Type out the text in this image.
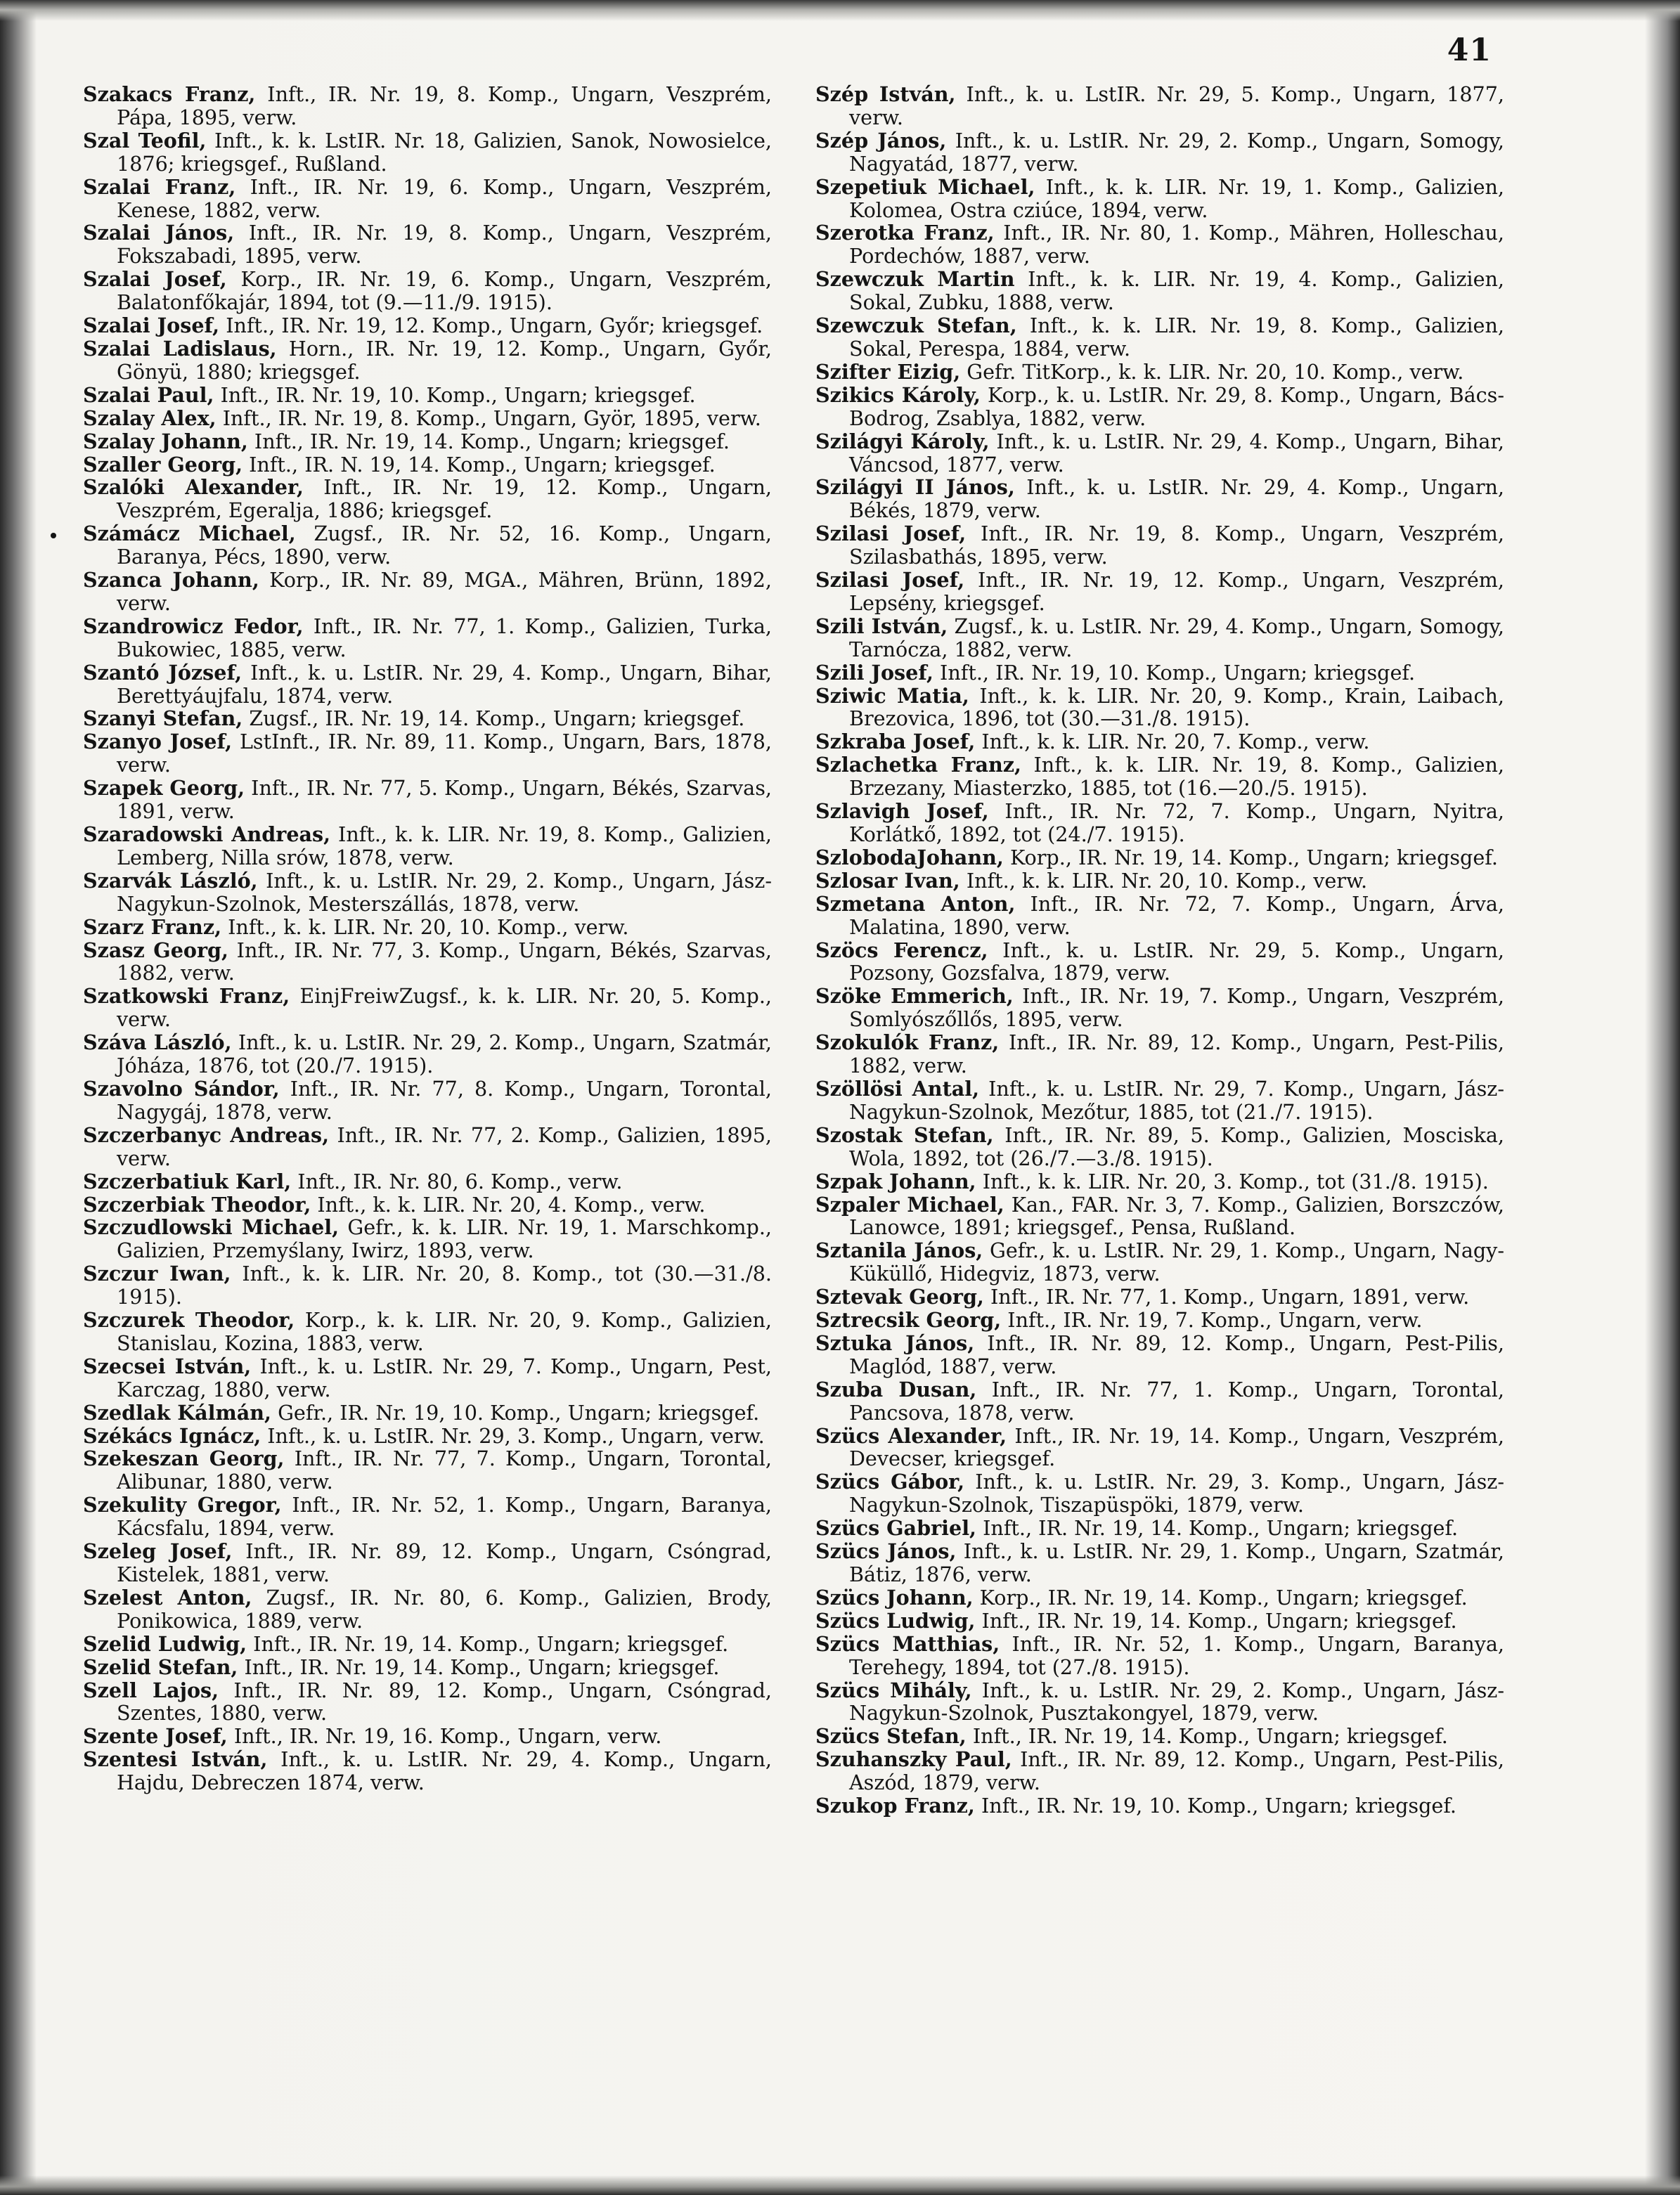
41

Szakacs Franz, Inft., IR. Nr. 19, 8. Komp., Ungarn, Veszprém, Pápa, 1895, verw.

Szal Teofil, Inft., k. k. LstIR. Nr. 18, Galizien, Sanok, Nowosielce, 1876; kriegsgef., Rußland.

Szalai Franz, Inft., IR. Nr. 19, 6. Komp., Ungarn, Veszprém, Kenese, 1882, verw.

Szalai János, Inft., IR. Nr. 19, 8. Komp., Ungarn, Veszprém, Fokszabadi, 1895, verw.

Szalai Josef, Korp., IR. Nr. 19, 6. Komp., Ungarn, Veszprém, Balatonfőkajár, 1894, tot (9.—11./9. 1915).

Szalai Josef, Inft., IR. Nr. 19, 12. Komp., Ungarn, Győr; kriegsgef.

Szalai Ladislaus, Horn., IR. Nr. 19, 12. Komp., Ungarn, Győr, Gönyü, 1880; kriegsgef.

Szalai Paul, Inft., IR. Nr. 19, 10. Komp., Ungarn; kriegsgef.

Szalay Alex, Inft., IR. Nr. 19, 8. Komp., Ungarn, Györ, 1895, verw.

Szalay Johann, Inft., IR. Nr. 19, 14. Komp., Ungarn; kriegsgef.

Szaller Georg, Inft., IR. N. 19, 14. Komp., Ungarn; kriegsgef.

Szalóki Alexander, Inft., IR. Nr. 19, 12. Komp., Ungarn, Veszprém, Egeralja, 1886; kriegsgef.

Számácz Michael, Zugsf., IR. Nr. 52, 16. Komp., Ungarn, Baranya, Pécs, 1890, verw.

Szanca Johann, Korp., IR. Nr. 89, MGA., Mähren, Brünn, 1892, verw.

Szandrowicz Fedor, Inft., IR. Nr. 77, 1. Komp., Galizien, Turka, Bukowiec, 1885, verw.

Szantó József, Inft., k. u. LstIR. Nr. 29, 4. Komp., Ungarn, Bihar, Berettyáujfalu, 1874, verw.

Szanyi Stefan, Zugsf., IR. Nr. 19, 14. Komp., Ungarn; kriegsgef.

Szanyo Josef, LstInft., IR. Nr. 89, 11. Komp., Ungarn, Bars, 1878, verw.

Szapek Georg, Inft., IR. Nr. 77, 5. Komp., Ungarn, Békés, Szarvas, 1891, verw.

Szaradowski Andreas, Inft., k. k. LIR. Nr. 19, 8. Komp., Galizien, Lemberg, Nilla srów, 1878, verw.

Szarvák László, Inft., k. u. LstIR. Nr. 29, 2. Komp., Ungarn, Jász-Nagykun-Szolnok, Mesterszállás, 1878, verw.

Szarz Franz, Inft., k. k. LIR. Nr. 20, 10. Komp., verw.

Szasz Georg, Inft., IR. Nr. 77, 3. Komp., Ungarn, Békés, Szarvas, 1882, verw.

Szatkowski Franz, EinjFreiwZugsf., k. k. LIR. Nr. 20, 5. Komp., verw.

Száva László, Inft., k. u. LstIR. Nr. 29, 2. Komp., Ungarn, Szatmár, Jóháza, 1876, tot (20./7. 1915).

Szavolno Sándor, Inft., IR. Nr. 77, 8. Komp., Ungarn, Torontal, Nagygáj, 1878, verw.

Szczerbanyc Andreas, Inft., IR. Nr. 77, 2. Komp., Galizien, 1895, verw.

Szczerbatiuk Karl, Inft., IR. Nr. 80, 6. Komp., verw.

Szczerbiak Theodor, Inft., k. k. LIR. Nr. 20, 4. Komp., verw.

Szczudlowski Michael, Gefr., k. k. LIR. Nr. 19, 1. Marschkomp., Galizien, Przemyślany, Iwirz, 1893, verw.

Szczur Iwan, Inft., k. k. LIR. Nr. 20, 8. Komp., tot (30.—31./8. 1915).

Szczurek Theodor, Korp., k. k. LIR. Nr. 20, 9. Komp., Galizien, Stanislau, Kozina, 1883, verw.

Szecsei István, Inft., k. u. LstIR. Nr. 29, 7. Komp., Ungarn, Pest, Karczag, 1880, verw.

Szedlak Kálmán, Gefr., IR. Nr. 19, 10. Komp., Ungarn; kriegsgef.

Székács Ignácz, Inft., k. u. LstIR. Nr. 29, 3. Komp., Ungarn, verw.

Szekeszan Georg, Inft., IR. Nr. 77, 7. Komp., Ungarn, Torontal, Alibunar, 1880, verw.

Szekulity Gregor, Inft., IR. Nr. 52, 1. Komp., Ungarn, Baranya, Kácsfalu, 1894, verw.

Szeleg Josef, Inft., IR. Nr. 89, 12. Komp., Ungarn, Csóngrad, Kistelek, 1881, verw.

Szelest Anton, Zugsf., IR. Nr. 80, 6. Komp., Galizien, Brody, Ponikowica, 1889, verw.

Szelid Ludwig, Inft., IR. Nr. 19, 14. Komp., Ungarn; kriegsgef.

Szelid Stefan, Inft., IR. Nr. 19, 14. Komp., Ungarn; kriegsgef.

Szell Lajos, Inft., IR. Nr. 89, 12. Komp., Ungarn, Csóngrad, Szentes, 1880, verw.

Szente Josef, Inft., IR. Nr. 19, 16. Komp., Ungarn, verw.

Szentesi István, Inft., k. u. LstIR. Nr. 29, 4. Komp., Ungarn, Hajdu, Debreczen 1874, verw.

Szép István, Inft., k. u. LstIR. Nr. 29, 5. Komp., Ungarn, 1877, verw.

Szép János, Inft., k. u. LstIR. Nr. 29, 2. Komp., Ungarn, Somogy, Nagyatád, 1877, verw.

Szepetiuk Michael, Inft., k. k. LIR. Nr. 19, 1. Komp., Galizien, Kolomea, Ostra cziúce, 1894, verw.

Szerotka Franz, Inft., IR. Nr. 80, 1. Komp., Mähren, Holleschau, Pordechów, 1887, verw.

Szewczuk Martin Inft., k. k. LIR. Nr. 19, 4. Komp., Galizien, Sokal, Zubku, 1888, verw.

Szewczuk Stefan, Inft., k. k. LIR. Nr. 19, 8. Komp., Galizien, Sokal, Perespa, 1884, verw.

Szifter Eizig, Gefr. TitKorp., k. k. LIR. Nr. 20, 10. Komp., verw.

Szikics Károly, Korp., k. u. LstIR. Nr. 29, 8. Komp., Ungarn, Bács-Bodrog, Zsablya, 1882, verw.

Szilágyi Károly, Inft., k. u. LstIR. Nr. 29, 4. Komp., Ungarn, Bihar, Váncsod, 1877, verw.

Szilágyi II János, Inft., k. u. LstIR. Nr. 29, 4. Komp., Ungarn, Békés, 1879, verw.

Szilasi Josef, Inft., IR. Nr. 19, 8. Komp., Ungarn, Veszprém, Szilasbathás, 1895, verw.

Szilasi Josef, Inft., IR. Nr. 19, 12. Komp., Ungarn, Veszprém, Lepsény, kriegsgef.

Szili István, Zugsf., k. u. LstIR. Nr. 29, 4. Komp., Ungarn, Somogy, Tarnócza, 1882, verw.

Szili Josef, Inft., IR. Nr. 19, 10. Komp., Ungarn; kriegsgef.

Sziwic Matia, Inft., k. k. LIR. Nr. 20, 9. Komp., Krain, Laibach, Brezovica, 1896, tot (30.—31./8. 1915).

Szkraba Josef, Inft., k. k. LIR. Nr. 20, 7. Komp., verw.

Szlachetka Franz, Inft., k. k. LIR. Nr. 19, 8. Komp., Galizien, Brzezany, Miasterzko, 1885, tot (16.—20./5. 1915).

Szlavigh Josef, Inft., IR. Nr. 72, 7. Komp., Ungarn, Nyitra, Korlátkő, 1892, tot (24./7. 1915).

SzlobodaJohann, Korp., IR. Nr. 19, 14. Komp., Ungarn; kriegsgef.

Szlosar Ivan, Inft., k. k. LIR. Nr. 20, 10. Komp., verw.

Szmetana Anton, Inft., IR. Nr. 72, 7. Komp., Ungarn, Árva, Malatina, 1890, verw.

Szöcs Ferencz, Inft., k. u. LstIR. Nr. 29, 5. Komp., Ungarn, Pozsony, Gozsfalva, 1879, verw.

Szöke Emmerich, Inft., IR. Nr. 19, 7. Komp., Ungarn, Veszprém, Somlyószőllős, 1895, verw.

Szokulók Franz, Inft., IR. Nr. 89, 12. Komp., Ungarn, Pest-Pilis, 1882, verw.

Szöllösi Antal, Inft., k. u. LstIR. Nr. 29, 7. Komp., Ungarn, Jász-Nagykun-Szolnok, Mezőtur, 1885, tot (21./7. 1915).

Szostak Stefan, Inft., IR. Nr. 89, 5. Komp., Galizien, Mosciska, Wola, 1892, tot (26./7.—3./8. 1915).

Szpak Johann, Inft., k. k. LIR. Nr. 20, 3. Komp., tot (31./8. 1915).

Szpaler Michael, Kan., FAR. Nr. 3, 7. Komp., Galizien, Borszczów, Lanowce, 1891; kriegsgef., Pensa, Rußland.

Sztanila János, Gefr., k. u. LstIR. Nr. 29, 1. Komp., Ungarn, Nagy-Küküllő, Hidegviz, 1873, verw.

Sztevak Georg, Inft., IR. Nr. 77, 1. Komp., Ungarn, 1891, verw.

Sztrecsik Georg, Inft., IR. Nr. 19, 7. Komp., Ungarn, verw.

Sztuka János, Inft., IR. Nr. 89, 12. Komp., Ungarn, Pest-Pilis, Maglód, 1887, verw.

Szuba Dusan, Inft., IR. Nr. 77, 1. Komp., Ungarn, Torontal, Pancsova, 1878, verw.

Szücs Alexander, Inft., IR. Nr. 19, 14. Komp., Ungarn, Veszprém, Devecser, kriegsgef.

Szücs Gábor, Inft., k. u. LstIR. Nr. 29, 3. Komp., Ungarn, Jász-Nagykun-Szolnok, Tiszapüspöki, 1879, verw.

Szücs Gabriel, Inft., IR. Nr. 19, 14. Komp., Ungarn; kriegsgef.

Szücs János, Inft., k. u. LstIR. Nr. 29, 1. Komp., Ungarn, Szatmár, Bátiz, 1876, verw.

Szücs Johann, Korp., IR. Nr. 19, 14. Komp., Ungarn; kriegsgef.

Szücs Ludwig, Inft., IR. Nr. 19, 14. Komp., Ungarn; kriegsgef.

Szücs Matthias, Inft., IR. Nr. 52, 1. Komp., Ungarn, Baranya, Terehegy, 1894, tot (27./8. 1915).

Szücs Mihály, Inft., k. u. LstIR. Nr. 29, 2. Komp., Ungarn, Jász-Nagykun-Szolnok, Pusztakongyel, 1879, verw.

Szücs Stefan, Inft., IR. Nr. 19, 14. Komp., Ungarn; kriegsgef.

Szuhanszky Paul, Inft., IR. Nr. 89, 12. Komp., Ungarn, Pest-Pilis, Aszód, 1879, verw.

Szukop Franz, Inft., IR. Nr. 19, 10. Komp., Ungarn; kriegsgef.
